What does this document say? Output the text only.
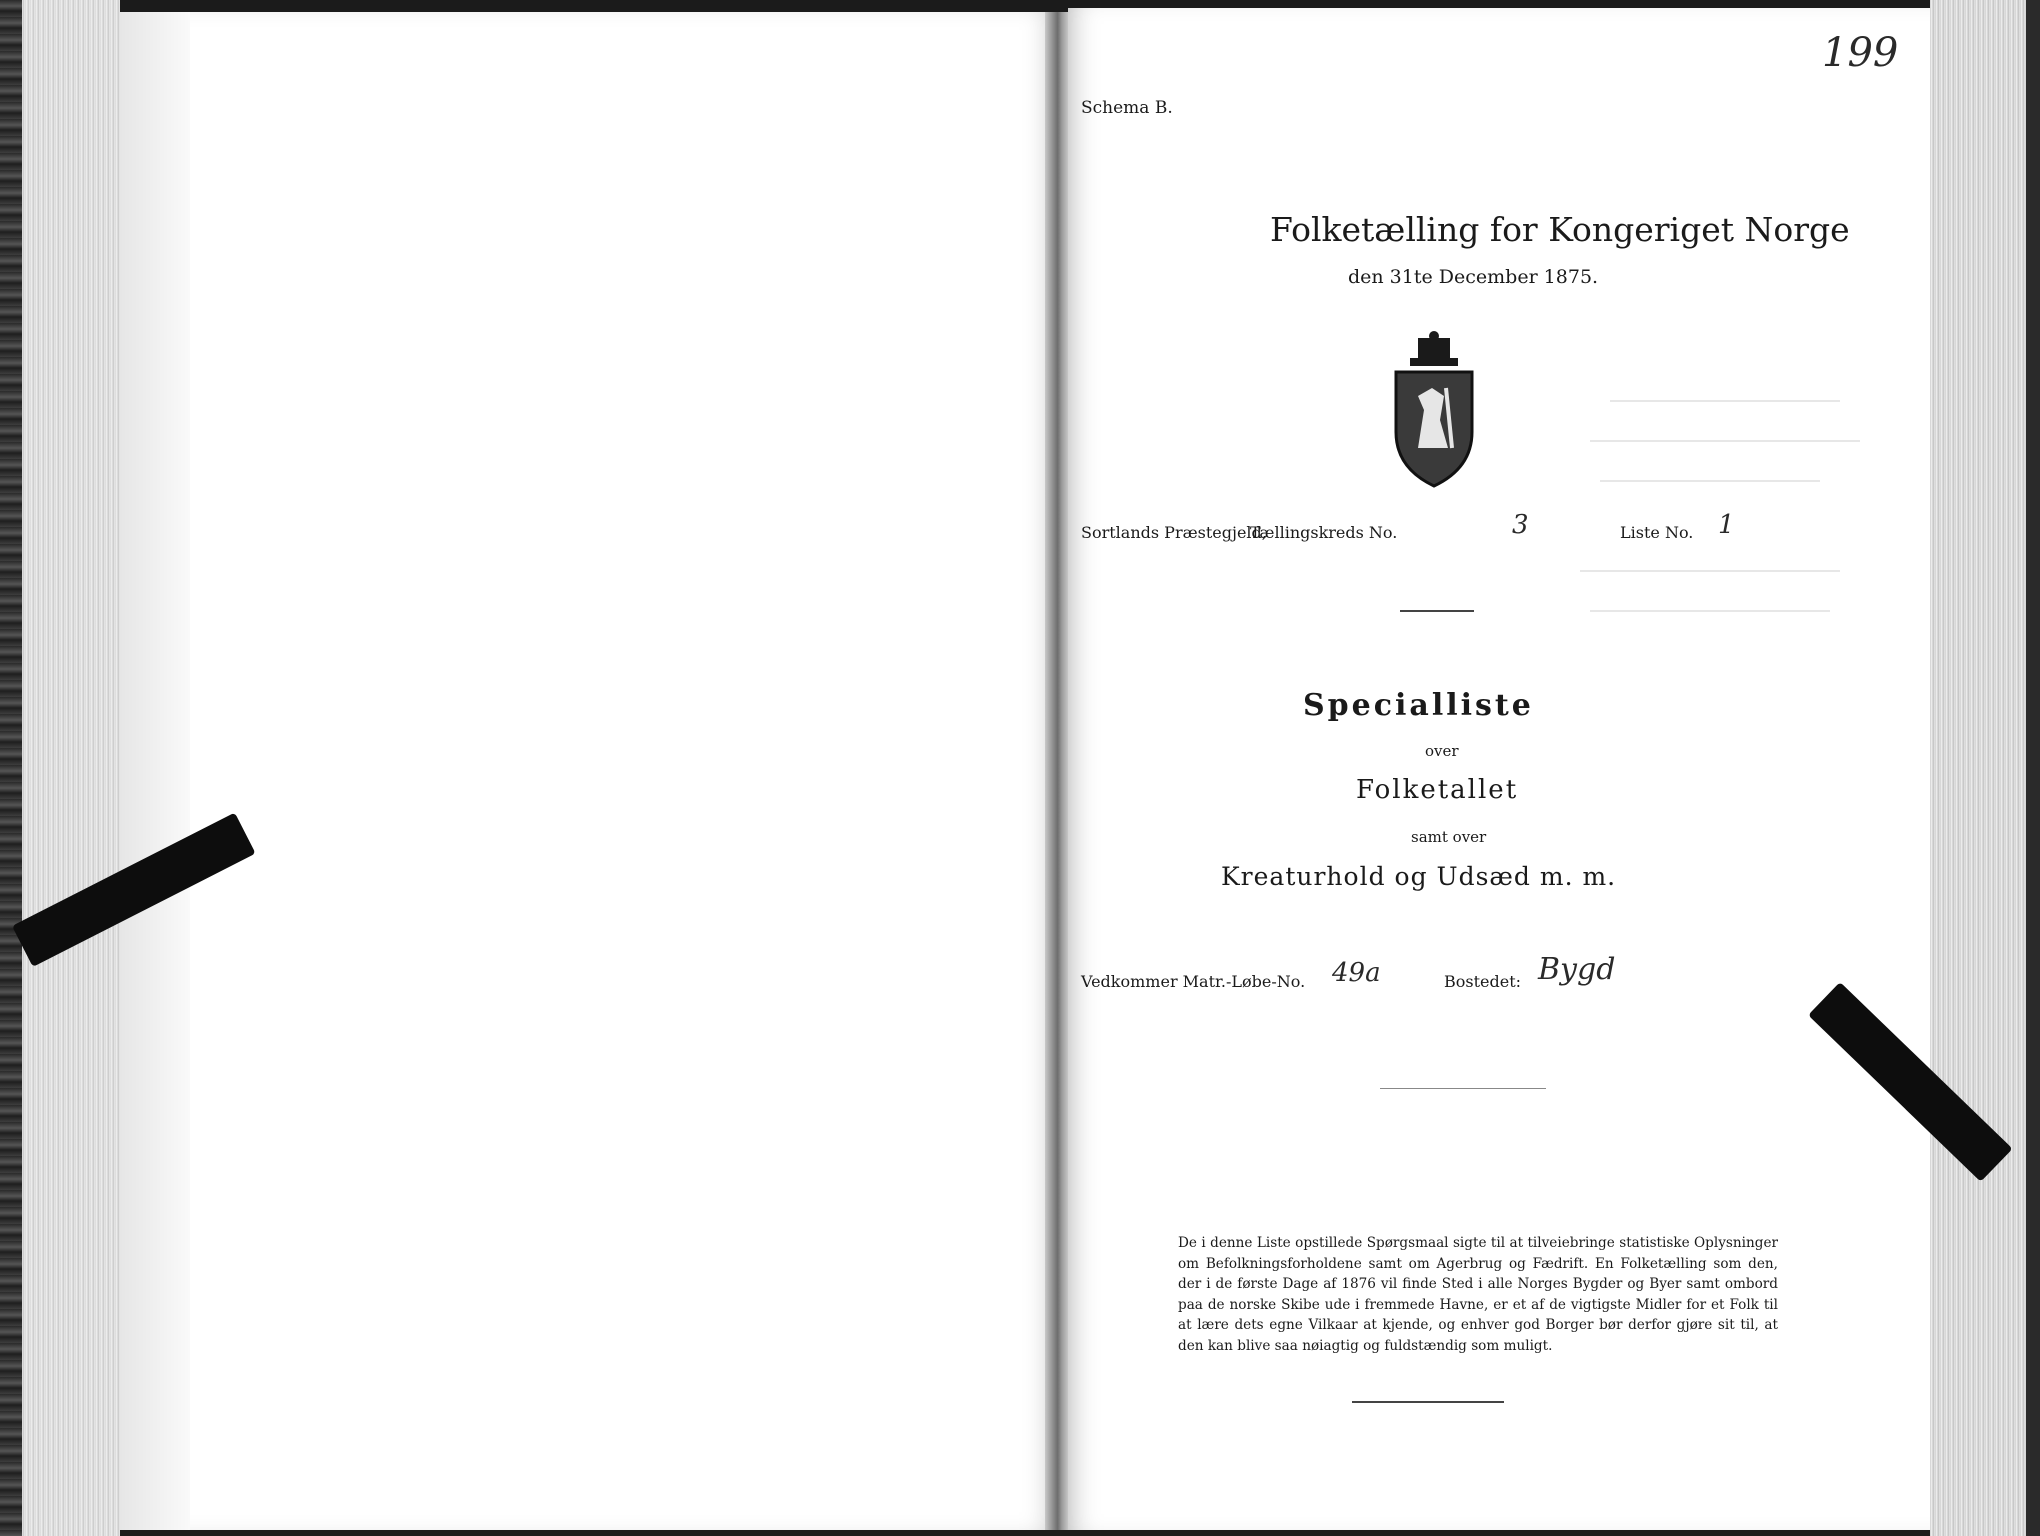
Schema B.
199
Folketælling for Kongeriget Norge
den 31te December 1875.
Sortlands Præstegjeld,
Tællingskreds No.	3	Liste No. 1
Specialliste
over
Folketallet
samt over
Kreaturhold og Udsæd m. m.
Vedkommer Matr.-Løbe-No. 49a	Bostedet: Bygd
De i denne Liste opstillede Spørgsmaal sigte til at tilveiebringe statistiske Oplysninger om Befolkningsforholdene samt om Agerbrug og Fædrift. En Folketælling som den, der i de første Dage af 1876 vil finde Sted i alle Norges Bygder og Byer samt ombord paa de norske Skibe ude i fremmede Havne, er et af de vigtigste Midler for et Folk til at lære dets egne Vilkaar at kjende, og enhver god Borger bør derfor gjøre sit til, at den kan blive saa nøiagtig og fuldstændig som muligt.
